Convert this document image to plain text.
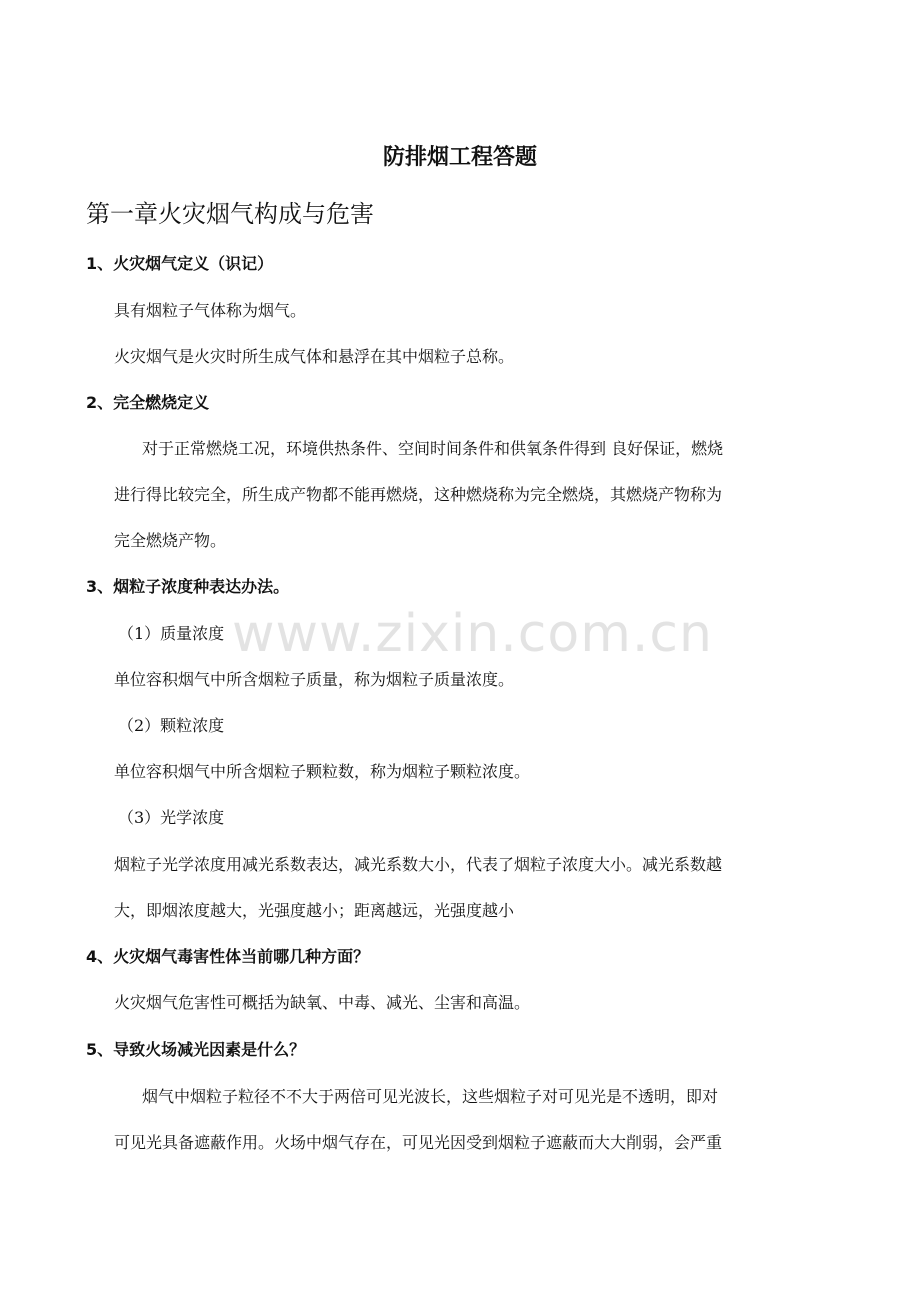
www.zixin.com.cn
防排烟工程答题
第一章火灾烟气构成与危害
1、火灾烟气定义（识记）
具有烟粒子气体称为烟气。
火灾烟气是火灾时所生成气体和悬浮在其中烟粒子总称。
2、完全燃烧定义
对于正常燃烧工况，环境供热条件、空间时间条件和供氧条件得到 良好保证，燃烧
进行得比较完全，所生成产物都不能再燃烧，这种燃烧称为完全燃烧，其燃烧产物称为
完全燃烧产物。
3、烟粒子浓度种表达办法。
（1）质量浓度
单位容积烟气中所含烟粒子质量，称为烟粒子质量浓度。
（2）颗粒浓度
单位容积烟气中所含烟粒子颗粒数，称为烟粒子颗粒浓度。
（3）光学浓度
烟粒子光学浓度用减光系数表达，减光系数大小，代表了烟粒子浓度大小。减光系数越
大，即烟浓度越大，光强度越小；距离越远，光强度越小
4、火灾烟气毒害性体当前哪几种方面？
火灾烟气危害性可概括为缺氧、中毒、减光、尘害和高温。
5、导致火场减光因素是什么？
烟气中烟粒子粒径不不大于两倍可见光波长，这些烟粒子对可见光是不透明，即对
可见光具备遮蔽作用。火场中烟气存在，可见光因受到烟粒子遮蔽而大大削弱，会严重
